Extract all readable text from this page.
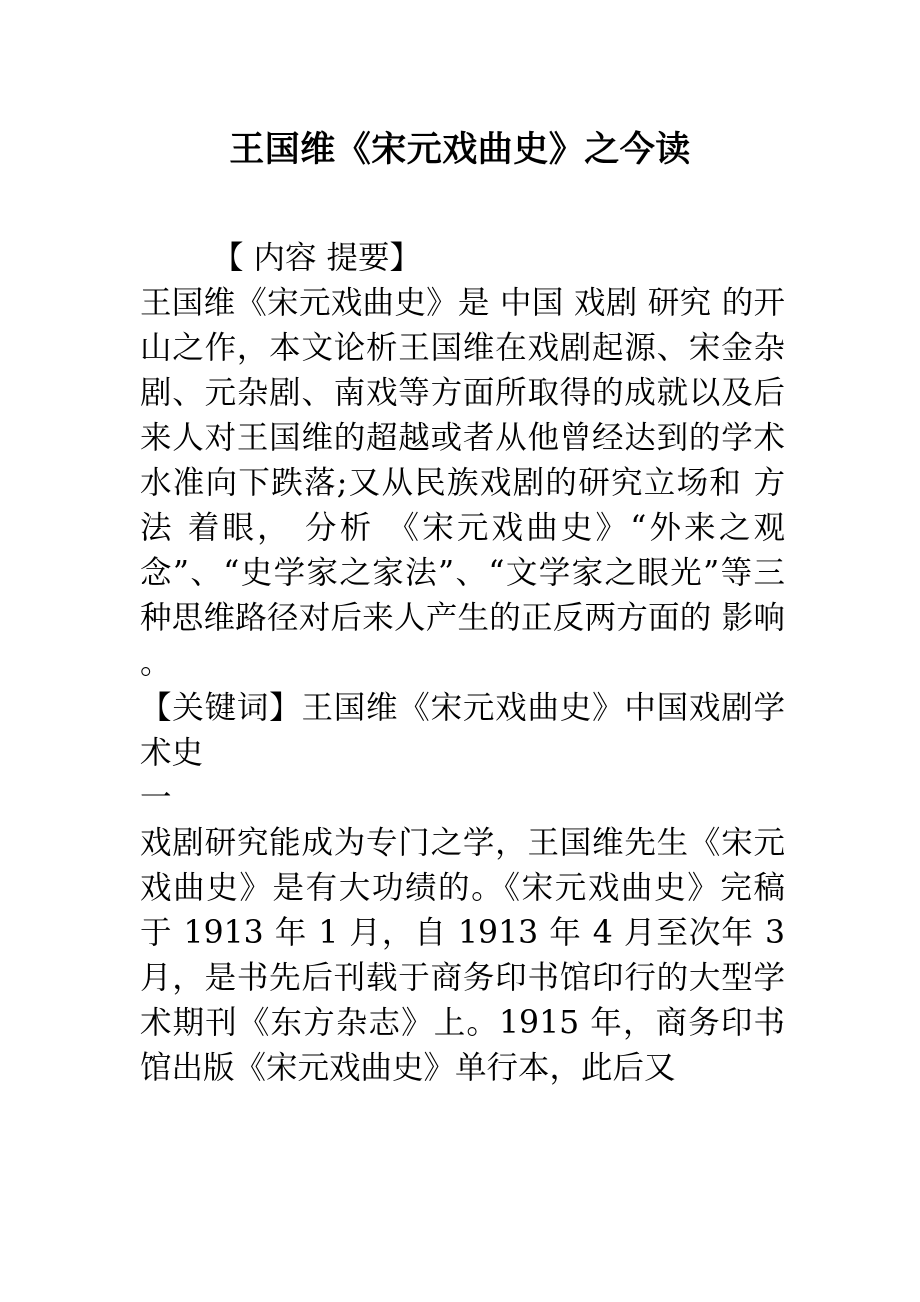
王国维《宋元戏曲史》之今读

【 内容 提要】

王国维《宋元戏曲史》是 中国 戏剧 研究 的开山之作，本文论析王国维在戏剧起源、宋金杂剧、元杂剧、南戏等方面所取得的成就以及后来人对王国维的超越或者从他曾经达到的学术水准向下跌落;又从民族戏剧的研究立场和 方法 着眼， 分析 《宋元戏曲史》“外来之观念”、“史学家之家法”、“文学家之眼光”等三种思维路径对后来人产生的正反两方面的 影响 。

【关键词】王国维《宋元戏曲史》中国戏剧学术史

一

戏剧研究能成为专门之学，王国维先生《宋元戏曲史》是有大功绩的。《宋元戏曲史》完稿于 1913 年 1 月，自 1913 年 4 月至次年 3 月，是书先后刊载于商务印书馆印行的大型学术期刊《东方杂志》上。1915 年，商务印书馆出版《宋元戏曲史》单行本，此后又
